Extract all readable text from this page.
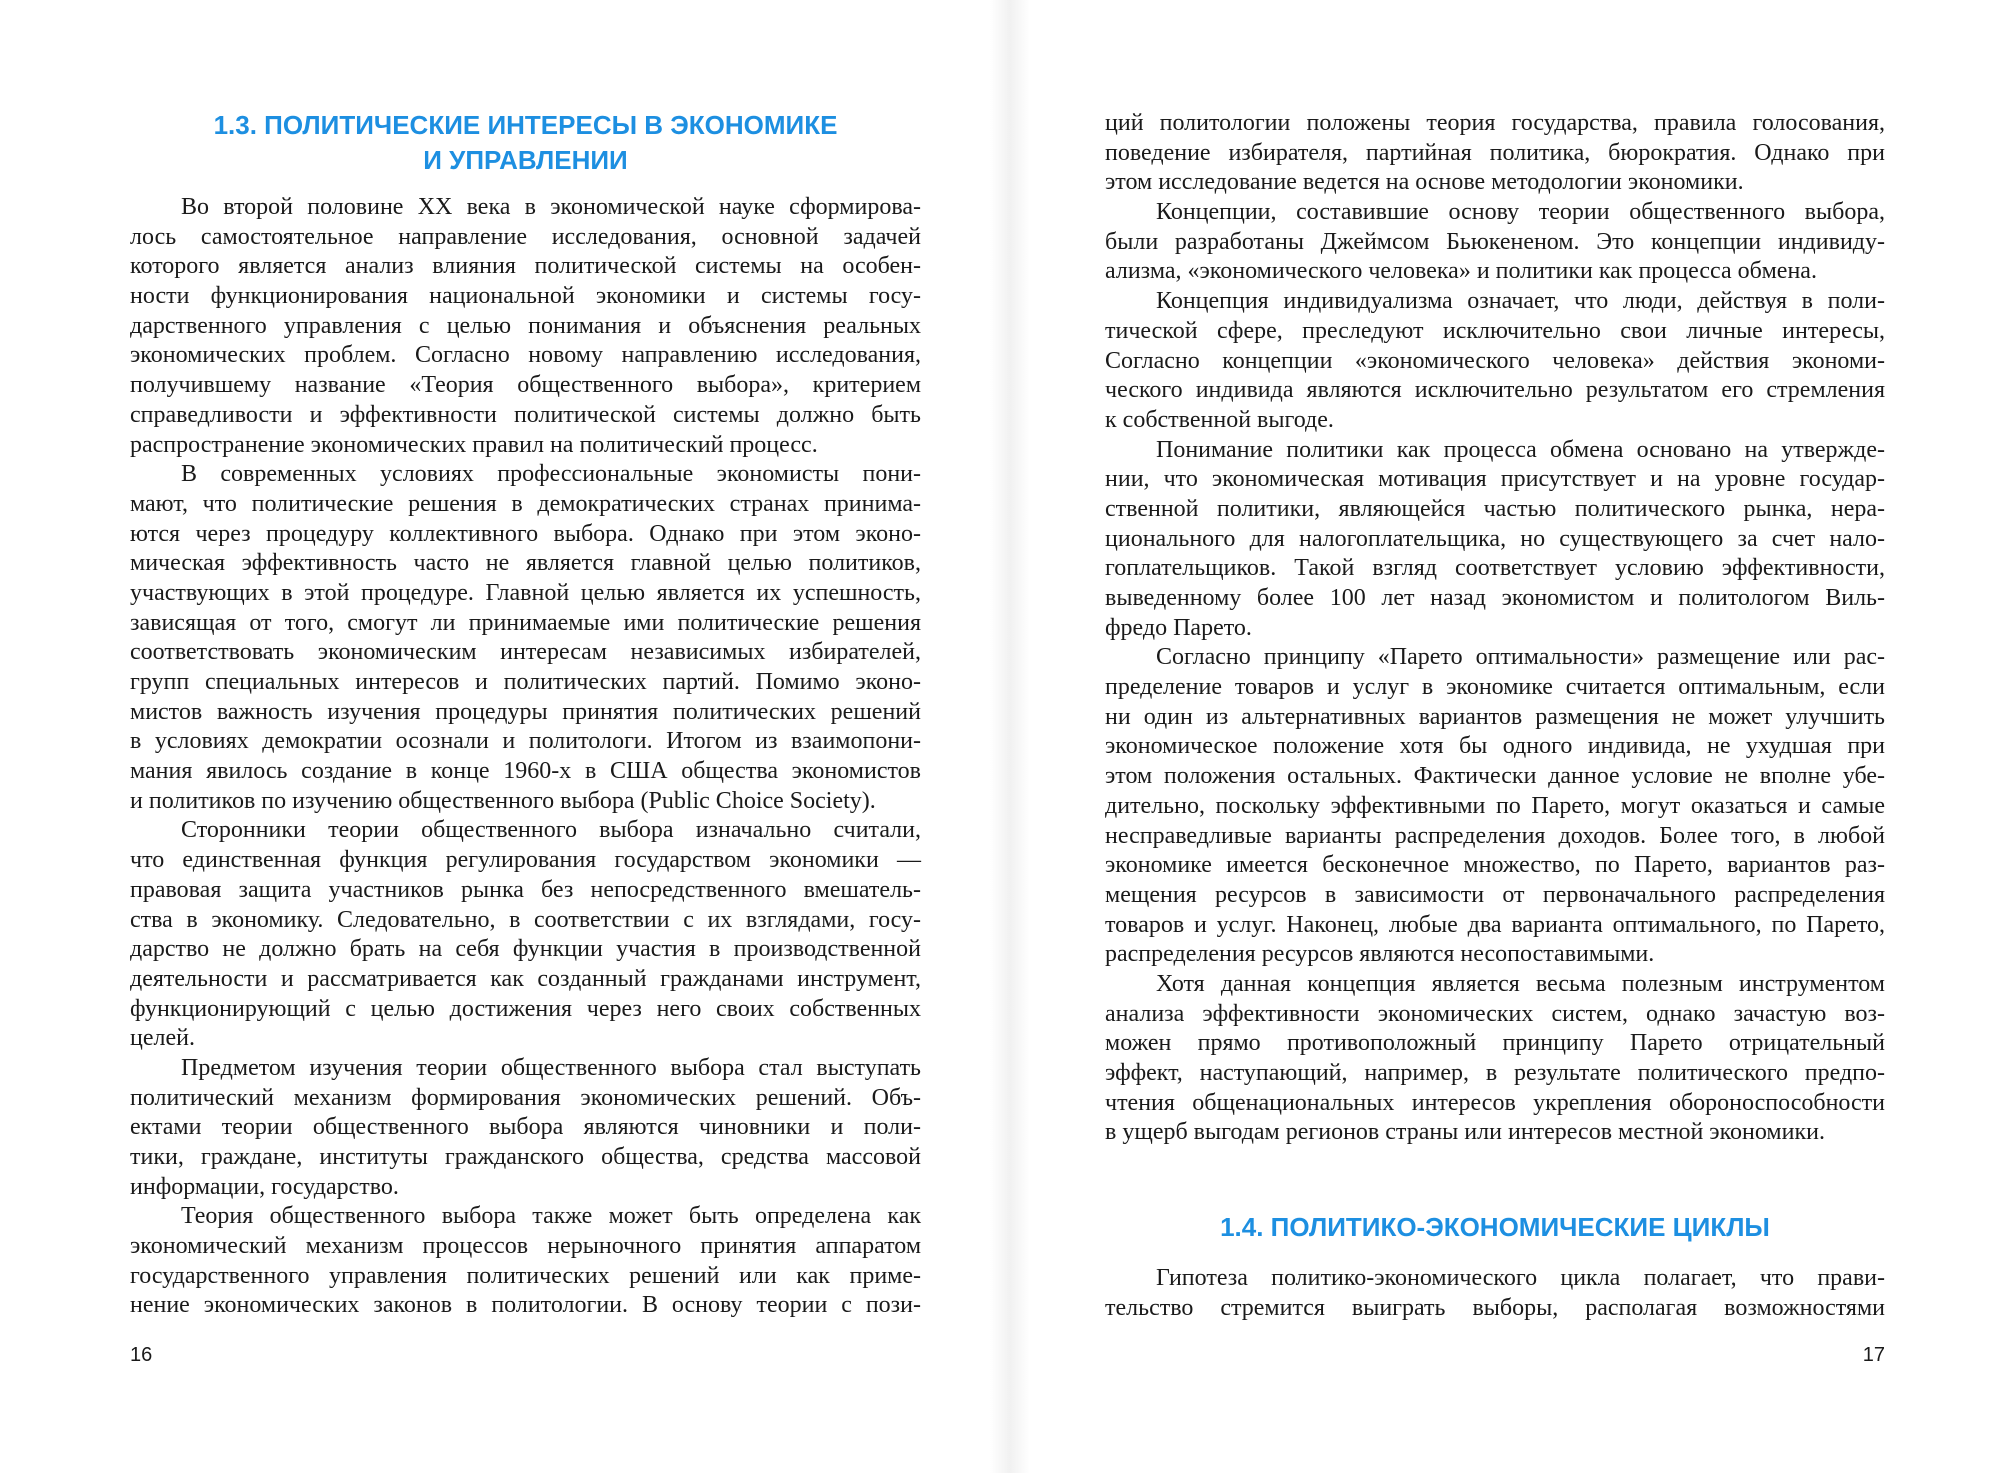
1.3. ПОЛИТИЧЕСКИЕ ИНТЕРЕСЫ В ЭКОНОМИКЕ
И УПРАВЛЕНИИ
Во второй половине XX века в экономической науке сформирова-
лось самостоятельное направление исследования, основной задачей
которого является анализ влияния политической системы на особен-
ности функционирования национальной экономики и системы госу-
дарственного управления с целью понимания и объяснения реальных
экономических проблем. Согласно новому направлению исследования,
получившему название «Теория общественного выбора», критерием
справедливости и эффективности политической системы должно быть
распространение экономических правил на политический процесс.
В современных условиях профессиональные экономисты пони-
мают, что политические решения в демократических странах принима-
ются через процедуру коллективного выбора. Однако при этом эконо-
мическая эффективность часто не является главной целью политиков,
участвующих в этой процедуре. Главной целью является их успешность,
зависящая от того, смогут ли принимаемые ими политические решения
соответствовать экономическим интересам независимых избирателей,
групп специальных интересов и политических партий. Помимо эконо-
мистов важность изучения процедуры принятия политических решений
в условиях демократии осознали и политологи. Итогом из взаимопони-
мания явилось создание в конце 1960-х в США общества экономистов
и политиков по изучению общественного выбора (Public Choice Society).
Сторонники теории общественного выбора изначально считали,
что единственная функция регулирования государством экономики —
правовая защита участников рынка без непосредственного вмешатель-
ства в экономику. Следовательно, в соответствии с их взглядами, госу-
дарство не должно брать на себя функции участия в производственной
деятельности и рассматривается как созданный гражданами инструмент,
функционирующий с целью достижения через него своих собственных
целей.
Предметом изучения теории общественного выбора стал выступать
политический механизм формирования экономических решений. Объ-
ектами теории общественного выбора являются чиновники и поли-
тики, граждане, институты гражданского общества, средства массовой
информации, государство.
Теория общественного выбора также может быть определена как
экономический механизм процессов нерыночного принятия аппаратом
государственного управления политических решений или как приме-
нение экономических законов в политологии. В основу теории с пози-
16
ций политологии положены теория государства, правила голосования,
поведение избирателя, партийная политика, бюрократия. Однако при
этом исследование ведется на основе методологии экономики.
Концепции, составившие основу теории общественного выбора,
были разработаны Джеймсом Бьюкененом. Это концепции индивиду-
ализма, «экономического человека» и политики как процесса обмена.
Концепция индивидуализма означает, что люди, действуя в поли-
тической сфере, преследуют исключительно свои личные интересы,
Согласно концепции «экономического человека» действия экономи-
ческого индивида являются исключительно результатом его стремления
к собственной выгоде.
Понимание политики как процесса обмена основано на утвержде-
нии, что экономическая мотивация присутствует и на уровне государ-
ственной политики, являющейся частью политического рынка, нера-
ционального для налогоплательщика, но существующего за счет нало-
гоплательщиков. Такой взгляд соответствует условию эффективности,
выведенному более 100 лет назад экономистом и политологом Виль-
фредо Парето.
Согласно принципу «Парето оптимальности» размещение или рас-
пределение товаров и услуг в экономике считается оптимальным, если
ни один из альтернативных вариантов размещения не может улучшить
экономическое положение хотя бы одного индивида, не ухудшая при
этом положения остальных. Фактически данное условие не вполне убе-
дительно, поскольку эффективными по Парето, могут оказаться и самые
несправедливые варианты распределения доходов. Более того, в любой
экономике имеется бесконечное множество, по Парето, вариантов раз-
мещения ресурсов в зависимости от первоначального распределения
товаров и услуг. Наконец, любые два варианта оптимального, по Парето,
распределения ресурсов являются несопоставимыми.
Хотя данная концепция является весьма полезным инструментом
анализа эффективности экономических систем, однако зачастую воз-
можен прямо противоположный принципу Парето отрицательный
эффект, наступающий, например, в результате политического предпо-
чтения общенациональных интересов укрепления обороноспособности
в ущерб выгодам регионов страны или интересов местной экономики.
1.4. ПОЛИТИКО-ЭКОНОМИЧЕСКИЕ ЦИКЛЫ
Гипотеза политико-экономического цикла полагает, что прави-
тельство стремится выиграть выборы, располагая возможностями
17
